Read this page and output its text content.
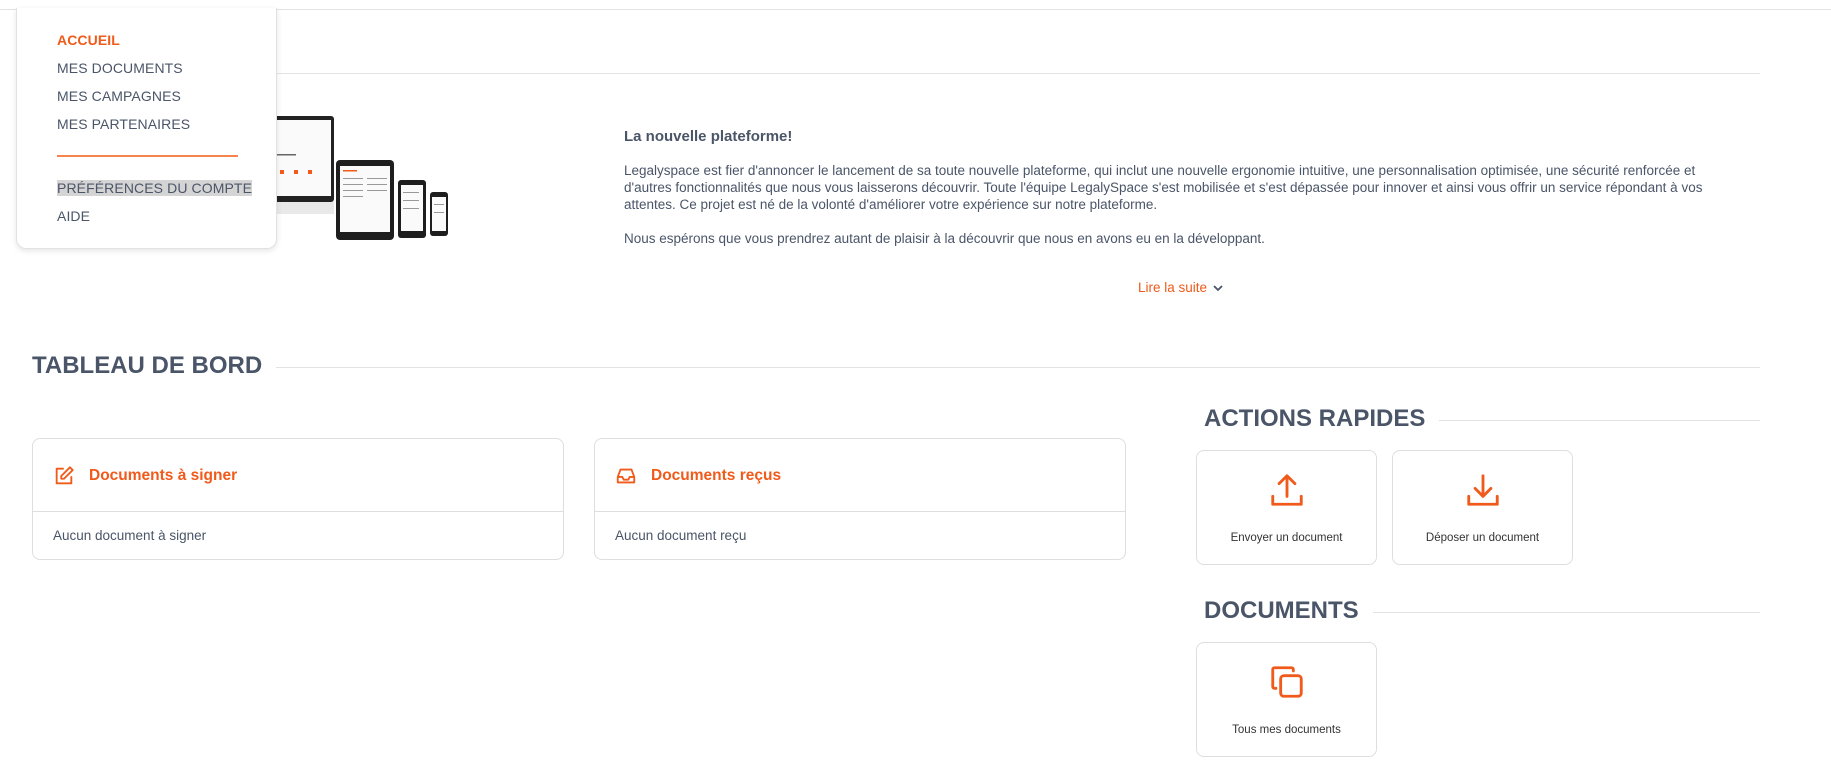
ACCUEIL
MES DOCUMENTS
MES CAMPAGNES
MES PARTENAIRES
PRÉFÉRENCES DU COMPTE
AIDE
La nouvelle plateforme!

Legalyspace est fier d'annoncer le lancement de sa toute nouvelle plateforme, qui inclut une nouvelle ergonomie intuitive, une personnalisation optimisée, une sécurité renforcée et d'autres fonctionnalités que nous vous laisserons découvrir. Toute l'équipe LegalySpace s'est mobilisée et s'est dépassée pour innover et ainsi vous offrir un service répondant à vos attentes. Ce projet est né de la volonté d'améliorer votre expérience sur notre plateforme.

Nous espérons que vous prendrez autant de plaisir à la découvrir que nous en avons eu en la développant.

Lire la suite
TABLEAU DE BORD
Documents à signer
Aucun document à signer
Documents reçus
Aucun document reçu
ACTIONS RAPIDES
Envoyer un document	Déposer un document
DOCUMENTS
Tous mes documents
